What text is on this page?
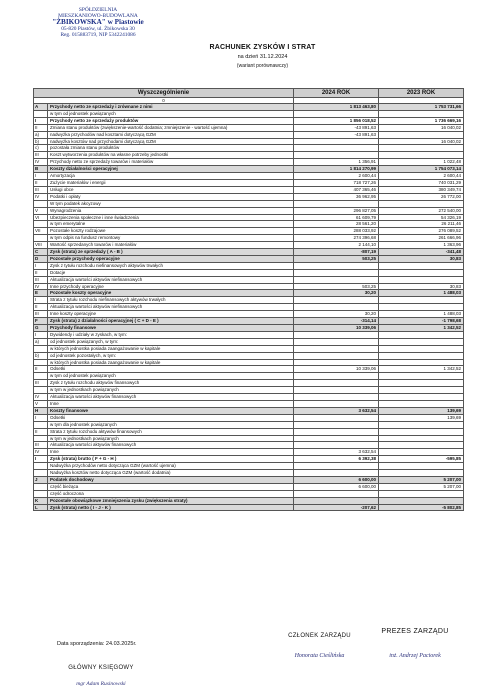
SPÓŁDZIELNIA
MIESZKANIOWO-BUDOWLANA
"ŻBIKOWSKA" w Piastowie
05-820 Piastów, ul. Żbikowska 30
Reg. 015883719, NIP 5342241086
RACHUNEK ZYSKÓW I STRAT
na dzień 31.12.2024
(wariant porównawczy)
Wyszczególnienie		2024 ROK	2023 ROK
0			
A	Przychody netto ze sprzedaży i zrównane z nimi	1 813 463,80	1 753 731,66
	w tym od jednostek powiązanych		
I	Przychody netto ze sprzedaży produktów	1 856 018,52	1 736 669,16
II	Zmiana stanu produktów (zwiększenie-wartość dodatnia; zmniejszenie - wartość ujemna)	-43 891,63	16 040,02
a)	nadwyżka przychodów nad kosztami dotyczącą GZM	-43 891,63	
b)	nadwyżka kosztów nad przychodami dotyczącą GZM		16 040,02
c)	pozostała zmiana stanu produktów		
III	Koszt wytworzenia produktów na własne potrzeby jednostki		
IV	Przychody netto ze sprzedaży towarów i materiałów	1 356,91	1 022,48
B	Koszty działalności operacyjnej	1 814 270,99	1 754 073,14
I	Amortyzacja	2 600,44	2 600,44
II	Zużycie materiałów i energii	718 727,26	740 031,29
III	Usługi obce	407 365,46	380 349,74
IV	Podatki i opłaty	36 962,95	26 772,00
	W tym podatek akcyzowy		
V	Wynagrodzenia	296 827,05	272 540,00
VI	Ubezpieczenia społeczne i inne świadczenia	61 609,79	54 326,19
	w tym emerytalne	28 561,20	26 211,46
VII	Pozostałe koszty rodzajowe	288 033,92	276 089,52
	w tym odpis na fundusz remontowy	274 396,68	261 666,96
VIII	Wartość sprzedanych towarów i materiałów	2 144,10	1 363,96
C	Zysk (strata) ze sprzedaży ( A - B )	-807,19	-341,48
D	Pozostałe przychody operacyjne	503,25	30,83
I	Zysk z tytułu rozchodu niefinansowych aktywów trwałych		
II	Dotacje		
III	Aktualizacja wartości aktywów niefinansowych		
IV	Inne przychody operacyjne	503,25	30,83
E	Pozostałe koszty operacyjne	30,20	1 488,03
I	Strata z tytułu rozchodu niefinansowych aktywów trwałych		
II	Aktualizacja wartości aktywów niefinansowych		
III	Inne koszty operacyjne	30,20	1 488,03
F	Zysk (strata) z działalności operacyjnej ( C + D - E )	-314,14	-1 798,68
G	Przychody finansowe	10 339,06	1 342,52
I	Dywidendy i udziały w zyskach, w tym:		
a)	od jednostek powiązanych, w tym:		
	w których jednostka posiada zaangażowanie w kapitale		
b)	od jednostek pozostałych, w tym:		
	w których jednostka posiada zaangażowanie w kapitale		
II	Odsetki	10 339,06	1 342,52
	w tym od jednostek powiązanych		
III	Zysk z tytułu rozchodu aktywów finansowych		
	w tym w jednostkach powiązanych		
IV	Aktualizacja wartości aktywów finansowych		
V	Inne		
H	Koszty finansowe	3 632,54	139,69
I	Odsetki		139,69
	w tym dla jednostek powiązanych		
II	Strata z tytułu rozchodu aktywów finansowych		
	w tym w jednostkach powiązanych		
III	Aktualizacja wartości aktywów finansowych		
IV	Inne	3 632,54	
I	Zysk (strata) brutto ( F + G - H )	6 392,38	-595,85
	Nadwyżka przychodów netto dotycząca GZM (wartość ujemna)		
	Nadwyżka kosztów netto dotycząca GZM (wartość dodatnia)		
J	Podatek dochodowy	6 600,00	5 207,00
	część bieżąca	6 600,00	5 207,00
	część odroczona		
K	Pozostałe obowiązkowe zmniejszenia zysku (zwiększenia straty)		
L	Zysk (strata) netto ( I - J - K )	-207,62	-5 802,85
Data sporządzenia: 24.03.2025r.
GŁÓWNY KSIĘGOWY
mgr Adam Rusinowski
CZŁONEK ZARZĄDU
Honorata Cieślińska
PREZES ZARZĄDU
inż. Andrzej Paciorek
